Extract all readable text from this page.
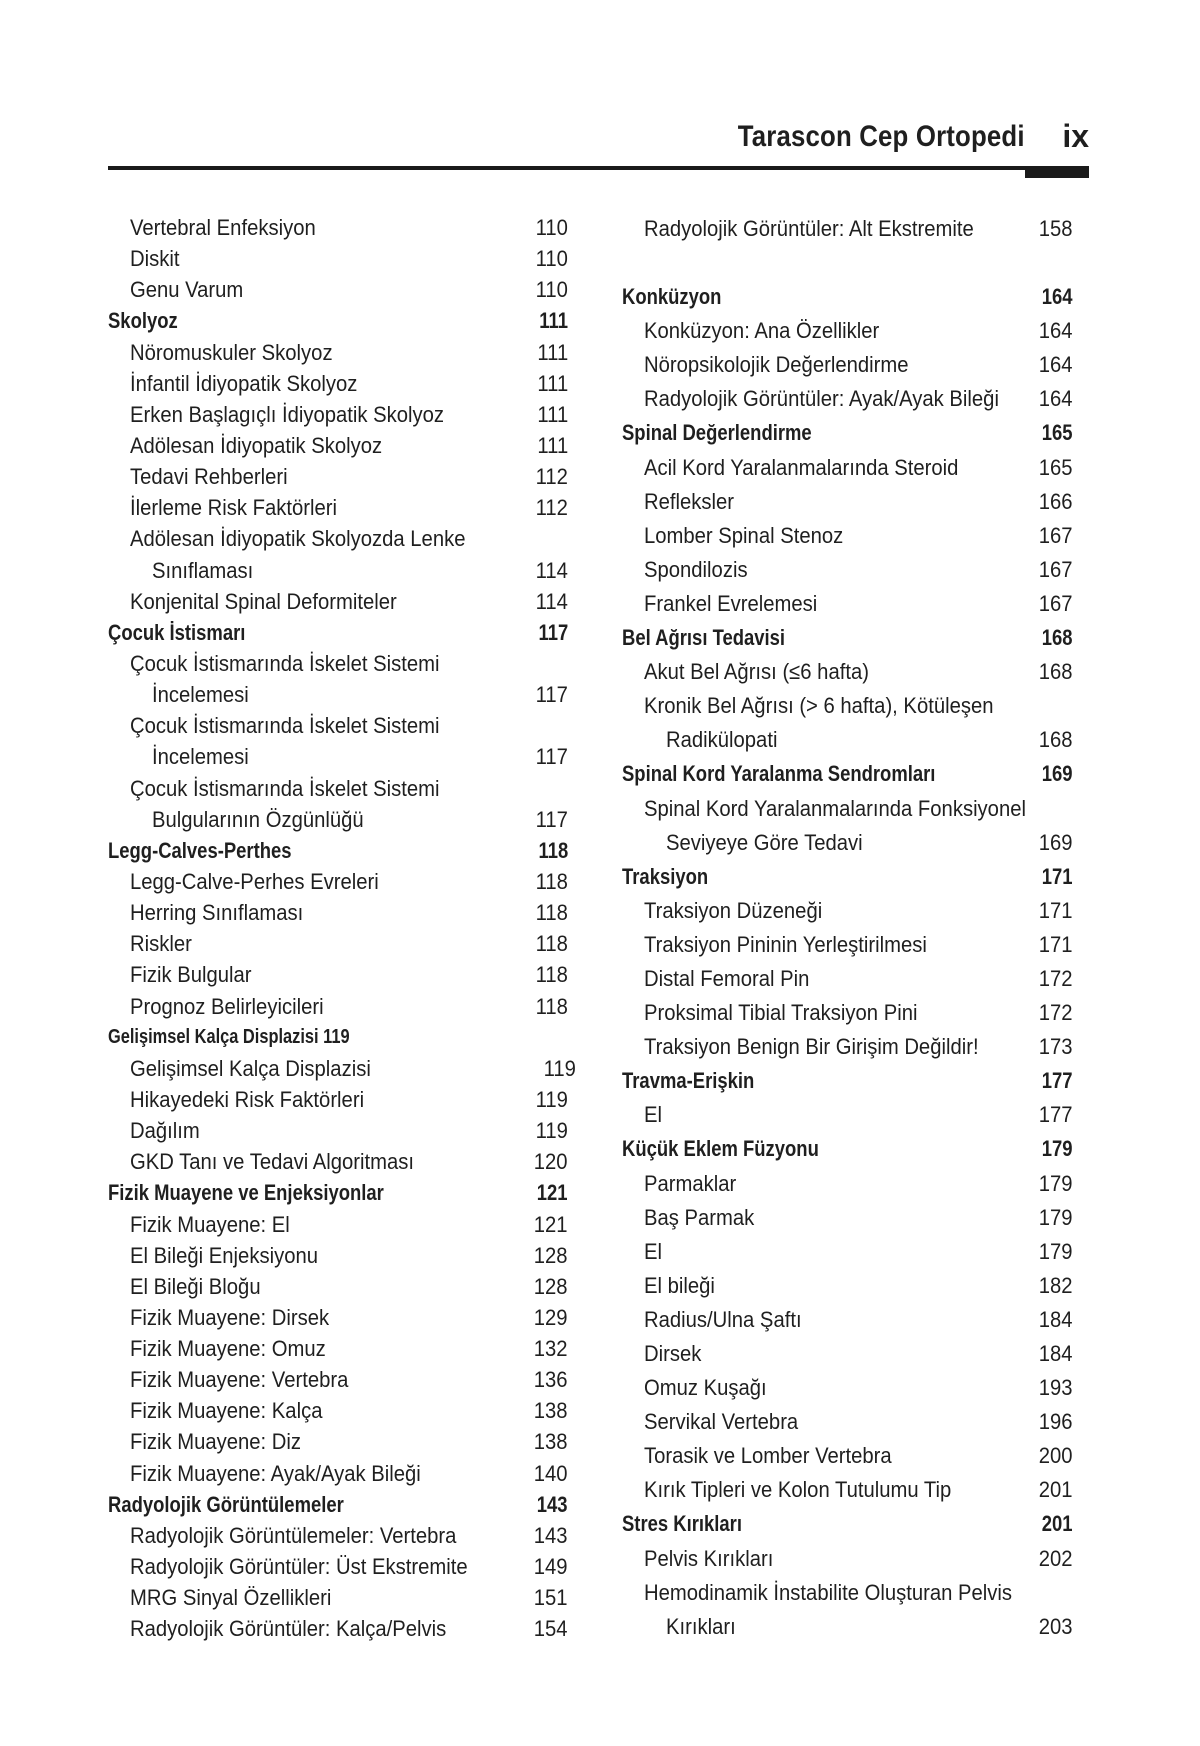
Tarascon Cep Ortopedi ix
Vertebral Enfeksiyon	110
Diskit	110
Genu Varum	110
Skolyoz	111
Nöromuskuler Skolyoz	111
İnfantil İdiyopatik Skolyoz	111
Erken Başlagıçlı İdiyopatik Skolyoz	111
Adölesan İdiyopatik Skolyoz	111
Tedavi Rehberleri	112
İlerleme Risk Faktörleri	112
Adölesan İdiyopatik Skolyozda Lenke
Sınıflaması	114
Konjenital Spinal Deformiteler	114
Çocuk İstismarı	117
Çocuk İstismarında İskelet Sistemi
İncelemesi	117
Çocuk İstismarında İskelet Sistemi
İncelemesi	117
Çocuk İstismarında İskelet Sistemi
Bulgularının Özgünlüğü	117
Legg-Calves-Perthes	118
Legg-Calve-Perhes Evreleri	118
Herring Sınıflaması	118
Riskler	118
Fizik Bulgular	118
Prognoz Belirleyicileri	118
Gelişimsel Kalça Displazisi 119
Gelişimsel Kalça Displazisi	119
Hikayedeki Risk Faktörleri	119
Dağılım	119
GKD Tanı ve Tedavi Algoritması	120
Fizik Muayene ve Enjeksiyonlar	121
Fizik Muayene: El	121
El Bileği Enjeksiyonu	128
El Bileği Bloğu	128
Fizik Muayene: Dirsek	129
Fizik Muayene: Omuz	132
Fizik Muayene: Vertebra	136
Fizik Muayene: Kalça	138
Fizik Muayene: Diz	138
Fizik Muayene: Ayak/Ayak Bileği	140
Radyolojik Görüntülemeler	143
Radyolojik Görüntülemeler: Vertebra	143
Radyolojik Görüntüler: Üst Ekstremite	149
MRG Sinyal Özellikleri	151
Radyolojik Görüntüler: Kalça/Pelvis	154
Radyolojik Görüntüler: Alt Ekstremite	158
Konküzyon	164
Konküzyon: Ana Özellikler	164
Nöropsikolojik Değerlendirme	164
Radyolojik Görüntüler: Ayak/Ayak Bileği 164
Spinal Değerlendirme	165
Acil Kord Yaralanmalarında Steroid	165
Refleksler	166
Lomber Spinal Stenoz	167
Spondilozis	167
Frankel Evrelemesi	167
Bel Ağrısı Tedavisi	168
Akut Bel Ağrısı (≤6 hafta)	168
Kronik Bel Ağrısı (> 6 hafta), Kötüleşen
Radikülopati	168
Spinal Kord Yaralanma Sendromları	169
Spinal Kord Yaralanmalarında Fonksiyonel
Seviyeye Göre Tedavi	169
Traksiyon	171
Traksiyon Düzeneği	171
Traksiyon Pininin Yerleştirilmesi	171
Distal Femoral Pin	172
Proksimal Tibial Traksiyon Pini	172
Traksiyon Benign Bir Girişim Değildir!	173
Travma-Erişkin	177
El	177
Küçük Eklem Füzyonu	179
Parmaklar	179
Baş Parmak	179
El	179
El bileği	182
Radius/Ulna Şaftı	184
Dirsek	184
Omuz Kuşağı	193
Servikal Vertebra	196
Torasik ve Lomber Vertebra	200
Kırık Tipleri ve Kolon Tutulumu Tip	201
Stres Kırıkları	201
Pelvis Kırıkları	202
Hemodinamik İnstabilite Oluşturan Pelvis
Kırıkları	203
